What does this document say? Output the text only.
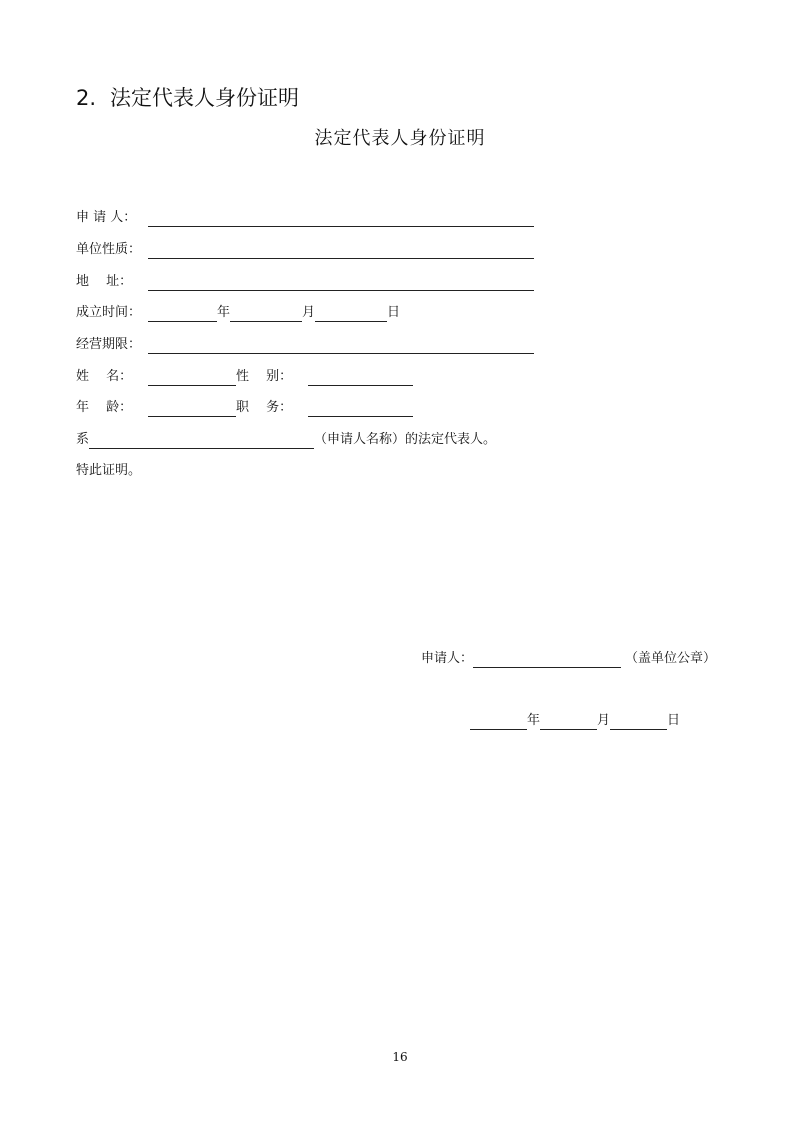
2. 法定代表人身份证明
法定代表人身份证明
申 请 人：
单位性质：
地　 址：
成立时间：	年	月	日
经营期限：
姓　 名：	性　 别：
年　 龄：	职　 务：
系	（申请人名称）的法定代表人。
特此证明。
申请人：	（盖单位公章）
年	月	日
16
